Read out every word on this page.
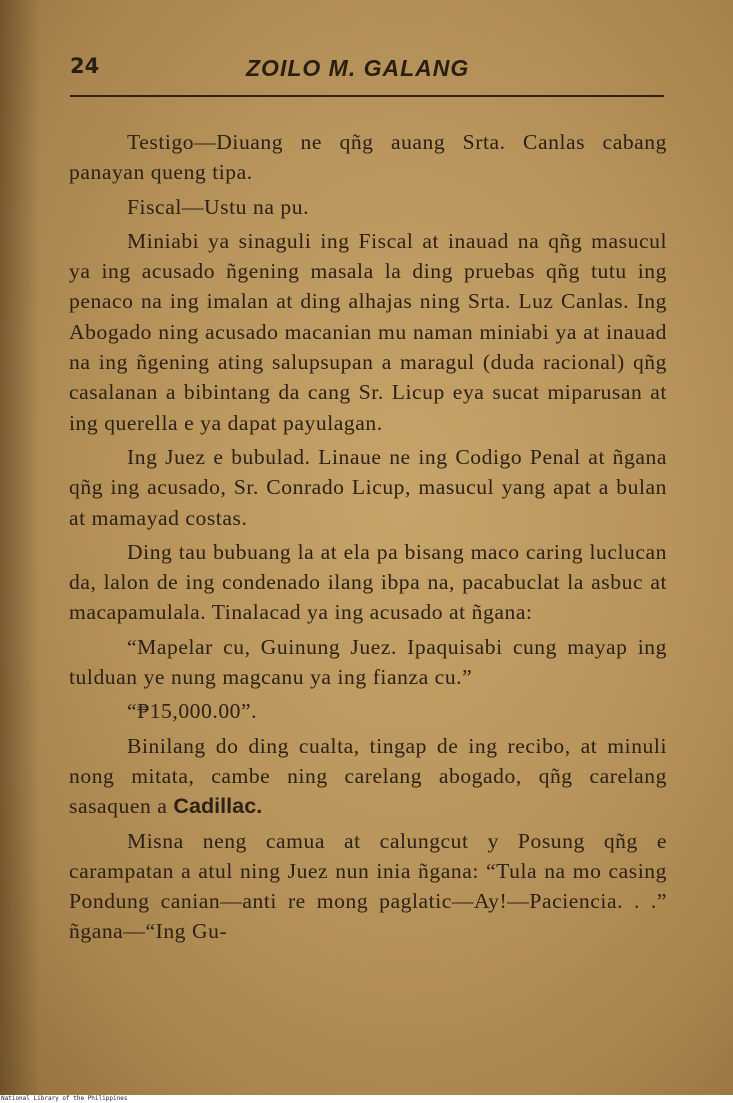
24	ZOILO M. GALANG

Testigo—Diuang ne qñg auang Srta. Canlas cabang panayan queng tipa.

Fiscal—Ustu na pu.

Miniabi ya sinaguli ing Fiscal at inauad na qñg masucul ya ing acusado ñgening masala la ding pruebas qñg tutu ing penaco na ing imalan at ding alhajas ning Srta. Luz Canlas. Ing Abogado ning acusado macanian mu naman miniabi ya at inauad na ing ñgening ating salupsupan a maragul (duda racional) qñg casalanan a bibintang da cang Sr. Licup eya sucat miparusan at ing querella e ya dapat payulagan.

Ing Juez e bubulad. Linaue ne ing Codigo Penal at ñgana qñg ing acusado, Sr. Conrado Licup, masucul yang apat a bulan at mamayad costas.

Ding tau bubuang la at ela pa bisang maco caring luclucan da, lalon de ing condenado ilang ibpa na, pacabuclat la asbuc at macapamulala. Tinalacad ya ing acusado at ñgana:

“Mapelar cu, Guinung Juez. Ipaquisabi cung mayap ing tulduan ye nung magcanu ya ing fianza cu.”

“₱15,000.00”.

Binilang do ding cualta, tingap de ing recibo, at minuli nong mitata, cambe ning carelang abogado, qñg carelang sasaquen a Cadillac.

Misna neng camua at calungcut y Posung qñg e carampatan a atul ning Juez nun inia ñgana: “Tula na mo casing Pondung canian—anti re mong paglatic—Ay!—Paciencia. . .” ñgana—“Ing Gu-

National Library of the Philippines
